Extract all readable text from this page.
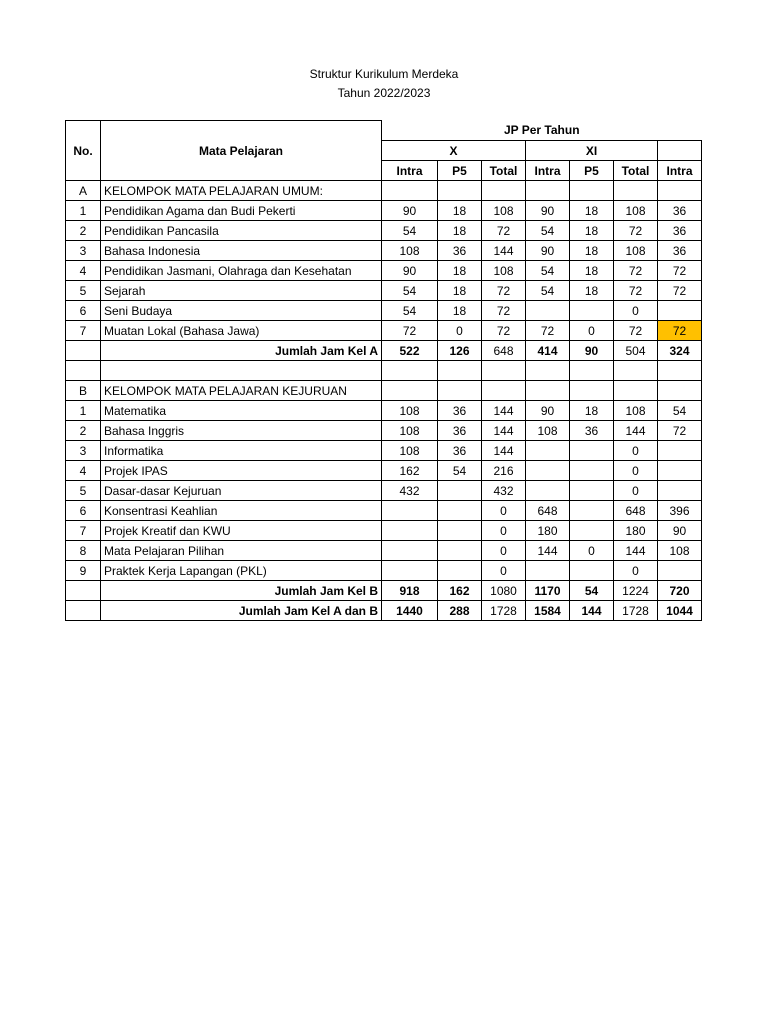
Struktur Kurikulum Merdeka
Tahun 2022/2023
No.	Mata Pelajaran	JP Per Tahun						
		X			XI			
		Intra	P5	Total	Intra	P5	Total	Intra
A	KELOMPOK MATA PELAJARAN UMUM:							
1	Pendidikan Agama dan Budi Pekerti	90	18	108	90	18	108	36
2	Pendidikan Pancasila	54	18	72	54	18	72	36
3	Bahasa Indonesia	108	36	144	90	18	108	36
4	Pendidikan Jasmani, Olahraga dan Kesehatan	90	18	108	54	18	72	72
5	Sejarah	54	18	72	54	18	72	72
6	Seni Budaya	54	18	72			0	
7	Muatan Lokal (Bahasa Jawa)	72	0	72	72	0	72	72
	Jumlah Jam Kel A	522	126	648	414	90	504	324

B	KELOMPOK MATA PELAJARAN KEJURUAN							
1	Matematika	108	36	144	90	18	108	54
2	Bahasa Inggris	108	36	144	108	36	144	72
3	Informatika	108	36	144			0	
4	Projek IPAS	162	54	216			0	
5	Dasar-dasar Kejuruan	432		432			0	
6	Konsentrasi Keahlian			0	648		648	396
7	Projek Kreatif dan KWU			0	180		180	90
8	Mata Pelajaran Pilihan			0	144	0	144	108
9	Praktek Kerja Lapangan (PKL)			0			0	
	Jumlah Jam Kel B	918	162	1080	1170	54	1224	720
	Jumlah Jam Kel A dan B	1440	288	1728	1584	144	1728	1044
